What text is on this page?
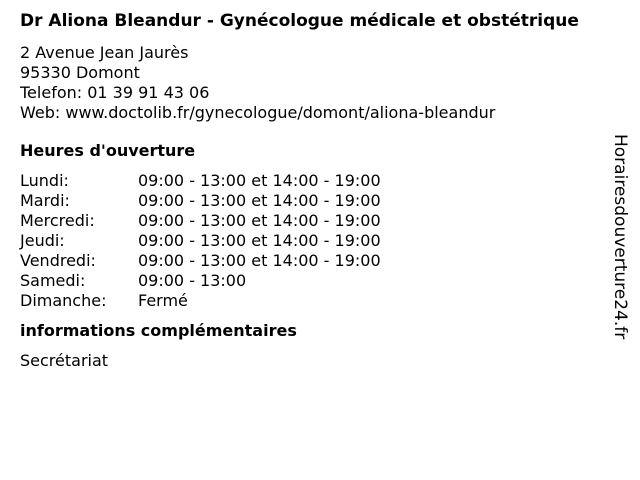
Dr Aliona Bleandur - Gynécologue médicale et obstétrique
2 Avenue Jean Jaurès
95330 Domont
Telefon: 01 39 91 43 06
Web: www.doctolib.fr/gynecologue/domont/aliona-bleandur
Heures d'ouverture
Lundi:	09:00 - 13:00 et 14:00 - 19:00
Mardi:	09:00 - 13:00 et 14:00 - 19:00
Mercredi:	09:00 - 13:00 et 14:00 - 19:00
Jeudi:	09:00 - 13:00 et 14:00 - 19:00
Vendredi:	09:00 - 13:00 et 14:00 - 19:00
Samedi:	09:00 - 13:00
Dimanche:	Fermé
informations complémentaires
Secrétariat
Horairesdouverture24.fr
